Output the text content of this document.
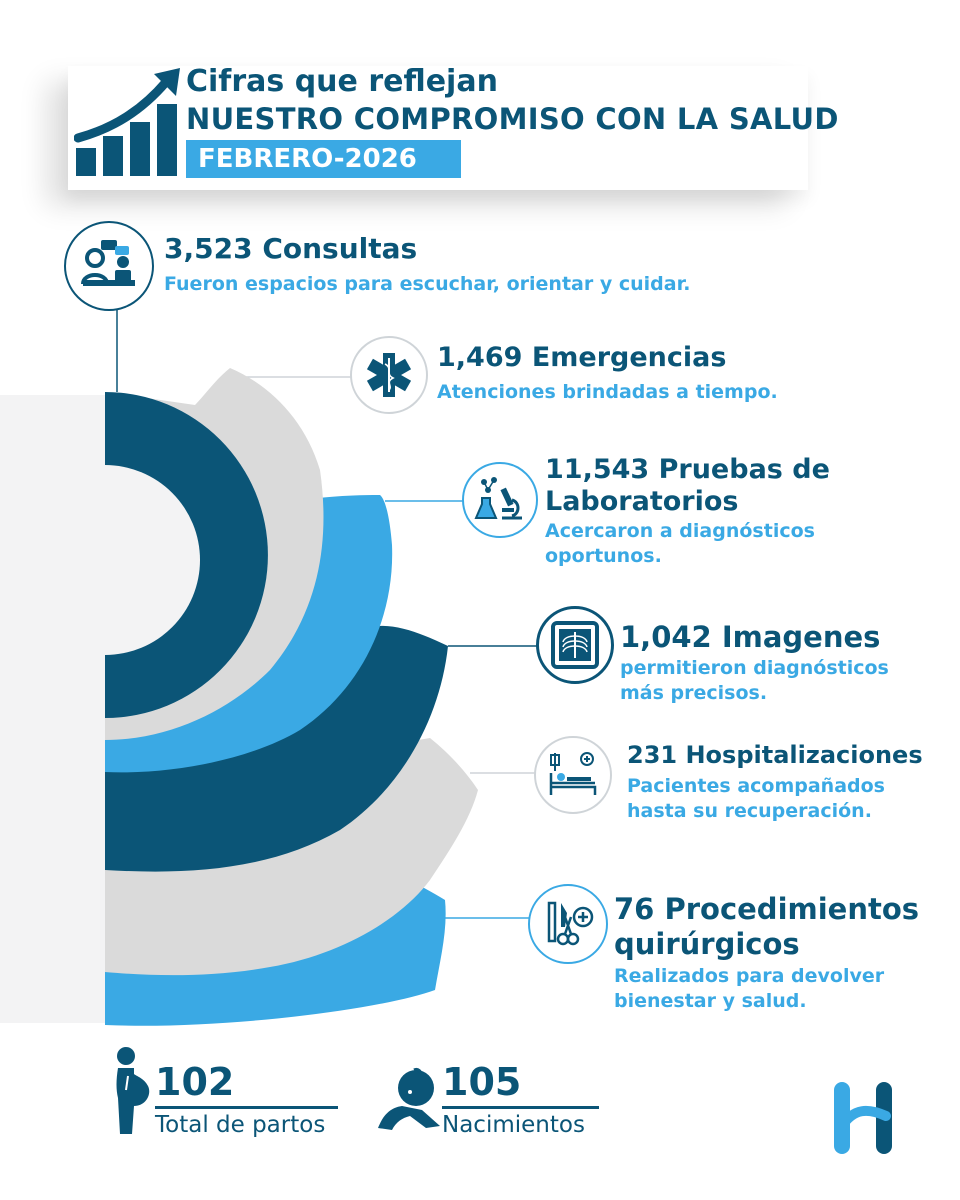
Cifras que reflejan
NUESTRO COMPROMISO CON LA SALUD
FEBRERO-2026
3,523 Consultas
Fueron espacios para escuchar, orientar y cuidar.
1,469 Emergencias
Atenciones brindadas a tiempo.
11,543 Pruebas de
Laboratorios
Acercaron a diagnósticos
oportunos.
1,042 Imagenes
permitieron diagnósticos
más precisos.
231 Hospitalizaciones
Pacientes acompañados
hasta su recuperación.
76 Procedimientos
quirúrgicos
Realizados para devolver
bienestar y salud.
102
Total de partos
105
Nacimientos
